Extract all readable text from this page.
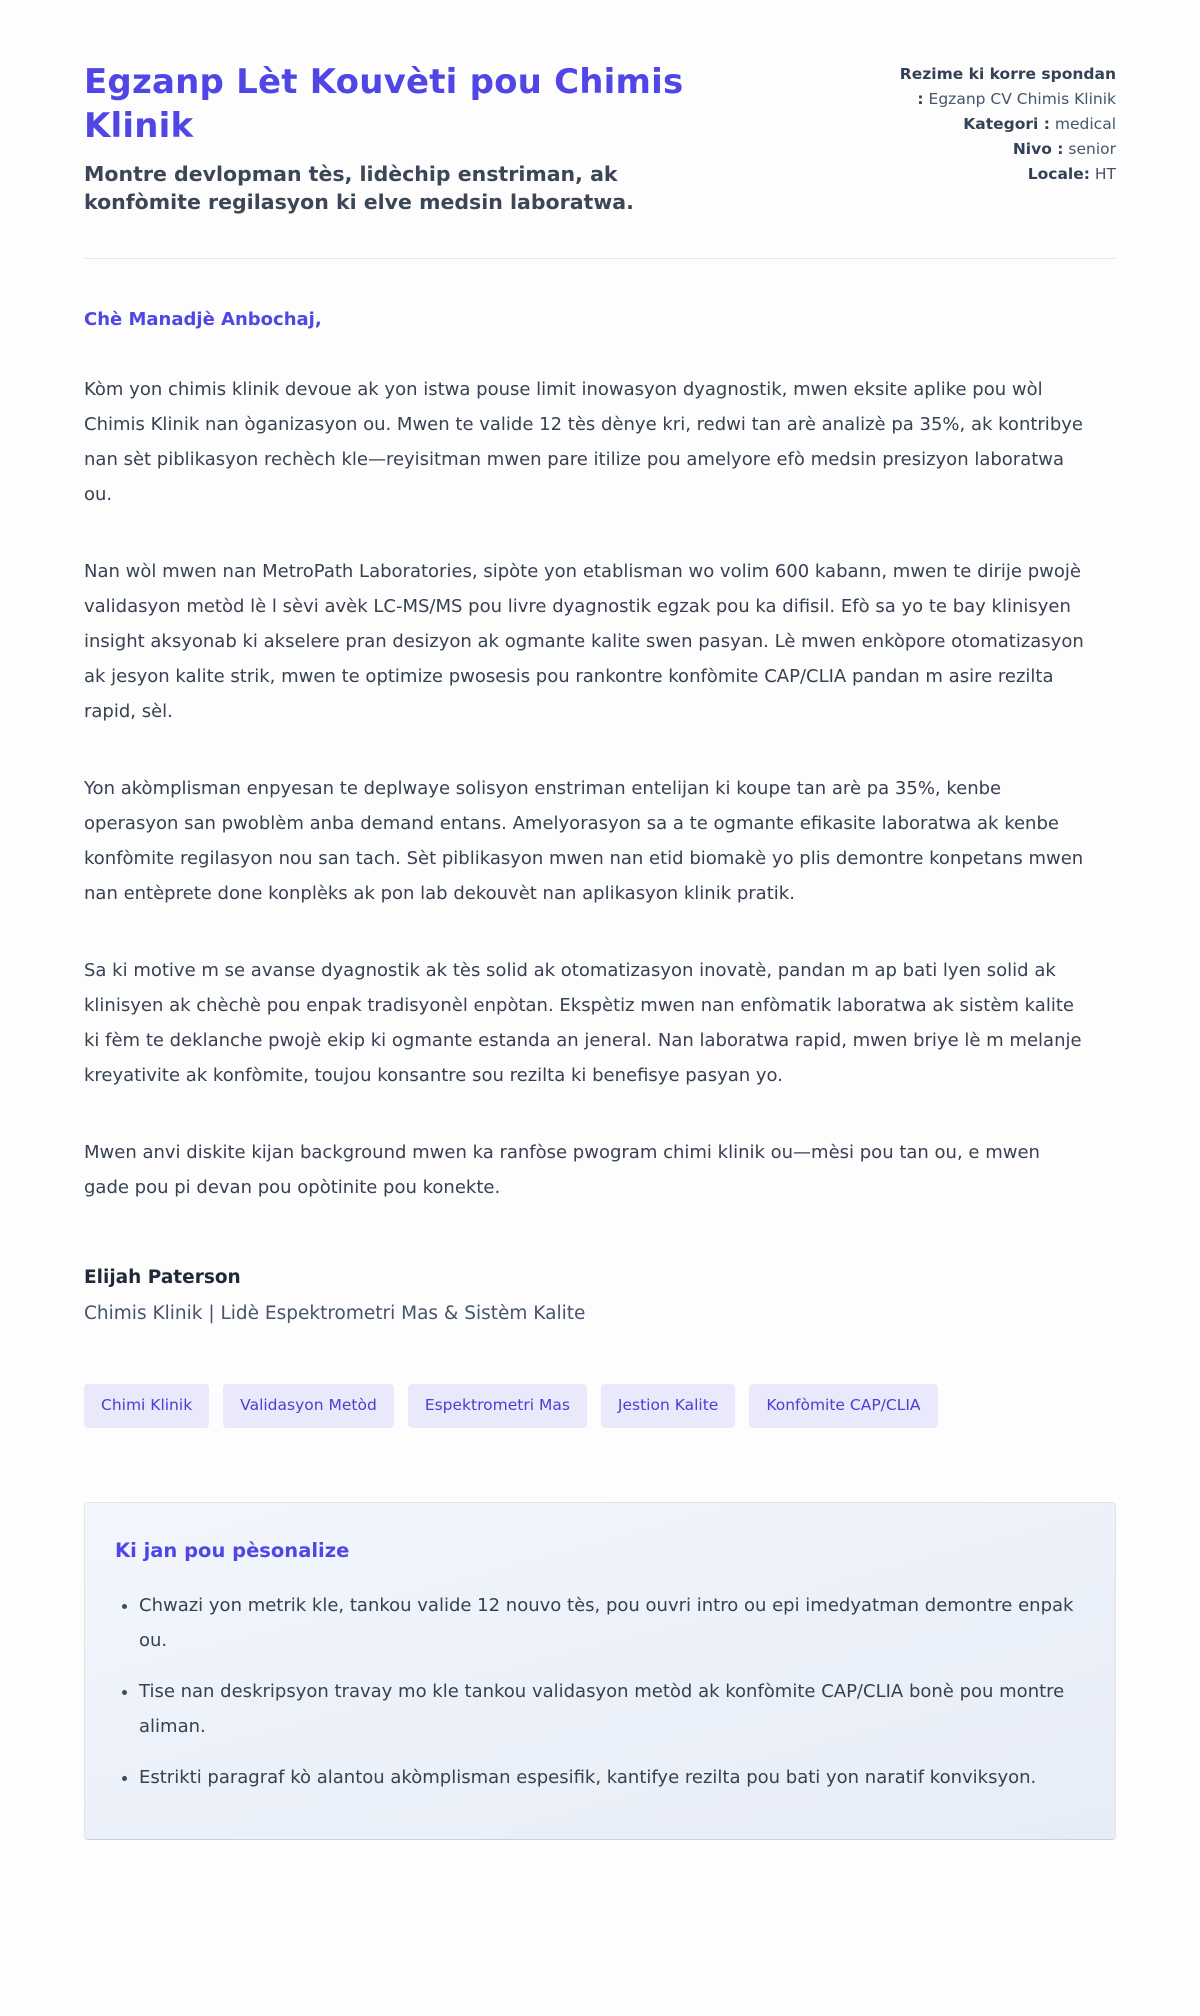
Egzanp Lèt Kouvèti pou Chimis Klinik
Montre devlopman tès, lidèchip enstriman, ak konfòmite regilasyon ki elve medsin laboratwa.
Rezime ki korre spondan
: Egzanp CV Chimis Klinik
Kategori : medical
Nivo : senior
Locale: HT
Chè Manadjè Anbochaj,

Kòm yon chimis klinik devoue ak yon istwa pouse limit inowasyon dyagnostik, mwen eksite aplike pou wòl Chimis Klinik nan òganizasyon ou. Mwen te valide 12 tès dènye kri, redwi tan arè analizè pa 35%, ak kontribye nan sèt piblikasyon rechèch kle—reyisitman mwen pare itilize pou amelyore efò medsin presizyon laboratwa ou.

Nan wòl mwen nan MetroPath Laboratories, sipòte yon etablisman wo volim 600 kabann, mwen te dirije pwojè validasyon metòd lè l sèvi avèk LC-MS/MS pou livre dyagnostik egzak pou ka difisil. Efò sa yo te bay klinisyen insight aksyonab ki akselere pran desizyon ak ogmante kalite swen pasyan. Lè mwen enkòpore otomatizasyon ak jesyon kalite strik, mwen te optimize pwosesis pou rankontre konfòmite CAP/CLIA pandan m asire rezilta rapid, sèl.

Yon akòmplisman enpyesan te deplwaye solisyon enstriman entelijan ki koupe tan arè pa 35%, kenbe operasyon san pwoblèm anba demand entans. Amelyorasyon sa a te ogmante efikasite laboratwa ak kenbe konfòmite regilasyon nou san tach. Sèt piblikasyon mwen nan etid biomakè yo plis demontre konpetans mwen nan entèprete done konplèks ak pon lab dekouvèt nan aplikasyon klinik pratik.

Sa ki motive m se avanse dyagnostik ak tès solid ak otomatizasyon inovatè, pandan m ap bati lyen solid ak klinisyen ak chèchè pou enpak tradisyonèl enpòtan. Ekspètiz mwen nan enfòmatik laboratwa ak sistèm kalite ki fèm te deklanche pwojè ekip ki ogmante estanda an jeneral. Nan laboratwa rapid, mwen briye lè m melanje kreyativite ak konfòmite, toujou konsantre sou rezilta ki benefisye pasyan yo.

Mwen anvi diskite kijan background mwen ka ranfòse pwogram chimi klinik ou—mèsi pou tan ou, e mwen gade pou pi devan pou opòtinite pou konekte.

Elijah Paterson
Chimis Klinik | Lidè Espektrometri Mas & Sistèm Kalite
Chimi Klinik	Validasyon Metòd	Espektrometri Mas	Jestion Kalite	Konfòmite CAP/CLIA
Ki jan pou pèsonalize
• Chwazi yon metrik kle, tankou valide 12 nouvo tès, pou ouvri intro ou epi imedyatman demontre enpak ou.
• Tise nan deskripsyon travay mo kle tankou validasyon metòd ak konfòmite CAP/CLIA bonè pou montre aliman.
• Estrikti paragraf kò alantou akòmplisman espesifik, kantifye rezilta pou bati yon naratif konviksyon.
